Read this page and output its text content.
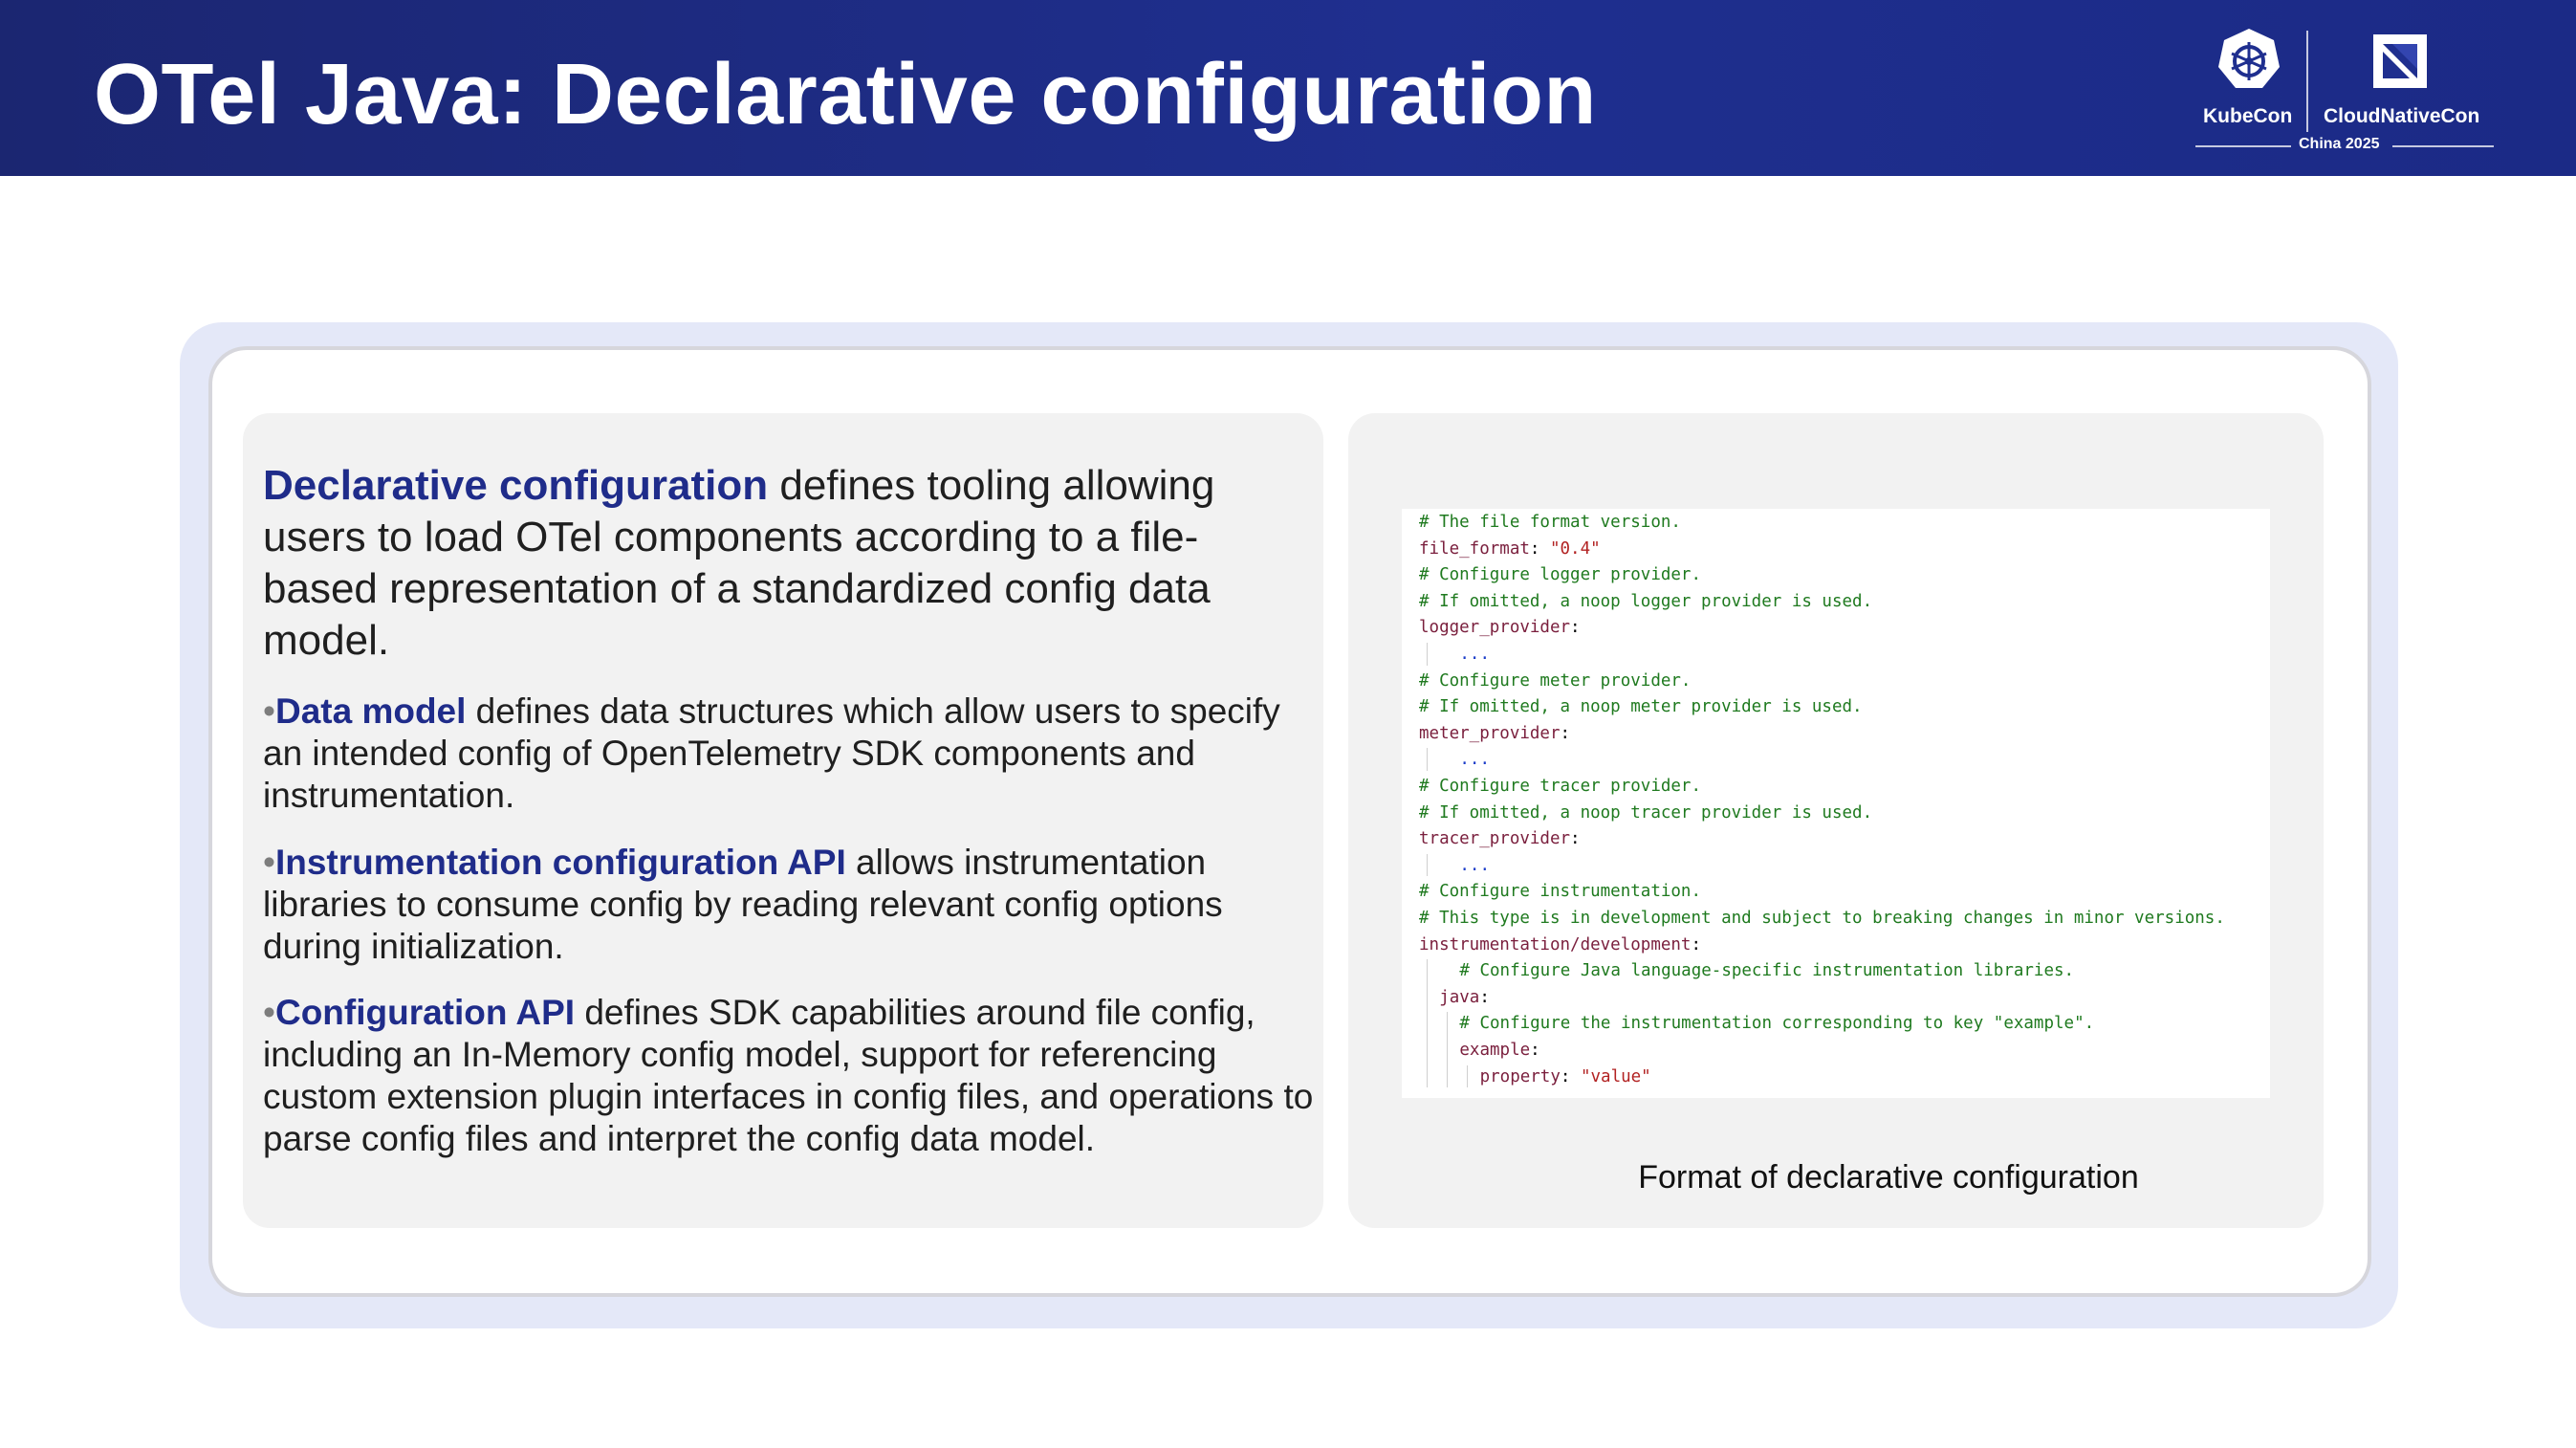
OTel Java: Declarative configuration	KubeCon CloudNativeCon
China 2025
Declarative configuration defines tooling allowing users to load OTel components according to a file-based representation of a standardized config data model.
•Data model defines data structures which allow users to specify an intended config of OpenTelemetry SDK components and instrumentation.
•Instrumentation configuration API allows instrumentation libraries to consume config by reading relevant config options during initialization.
•Configuration API defines SDK capabilities around file config, including an In-Memory config model, support for referencing custom extension plugin interfaces in config files, and operations to parse config files and interpret the config data model.
# The file format version.
file_format: "0.4"
# Configure logger provider.
# If omitted, a noop logger provider is used.
logger_provider:
...
# Configure meter provider.
# If omitted, a noop meter provider is used.
meter_provider:
...
# Configure tracer provider.
# If omitted, a noop tracer provider is used.
tracer_provider:
...
# Configure instrumentation.
# This type is in development and subject to breaking changes in minor versions.
instrumentation/development:
# Configure Java language-specific instrumentation libraries.
java:
# Configure the instrumentation corresponding to key "example".
example:
property: "value"
Format of declarative configuration
